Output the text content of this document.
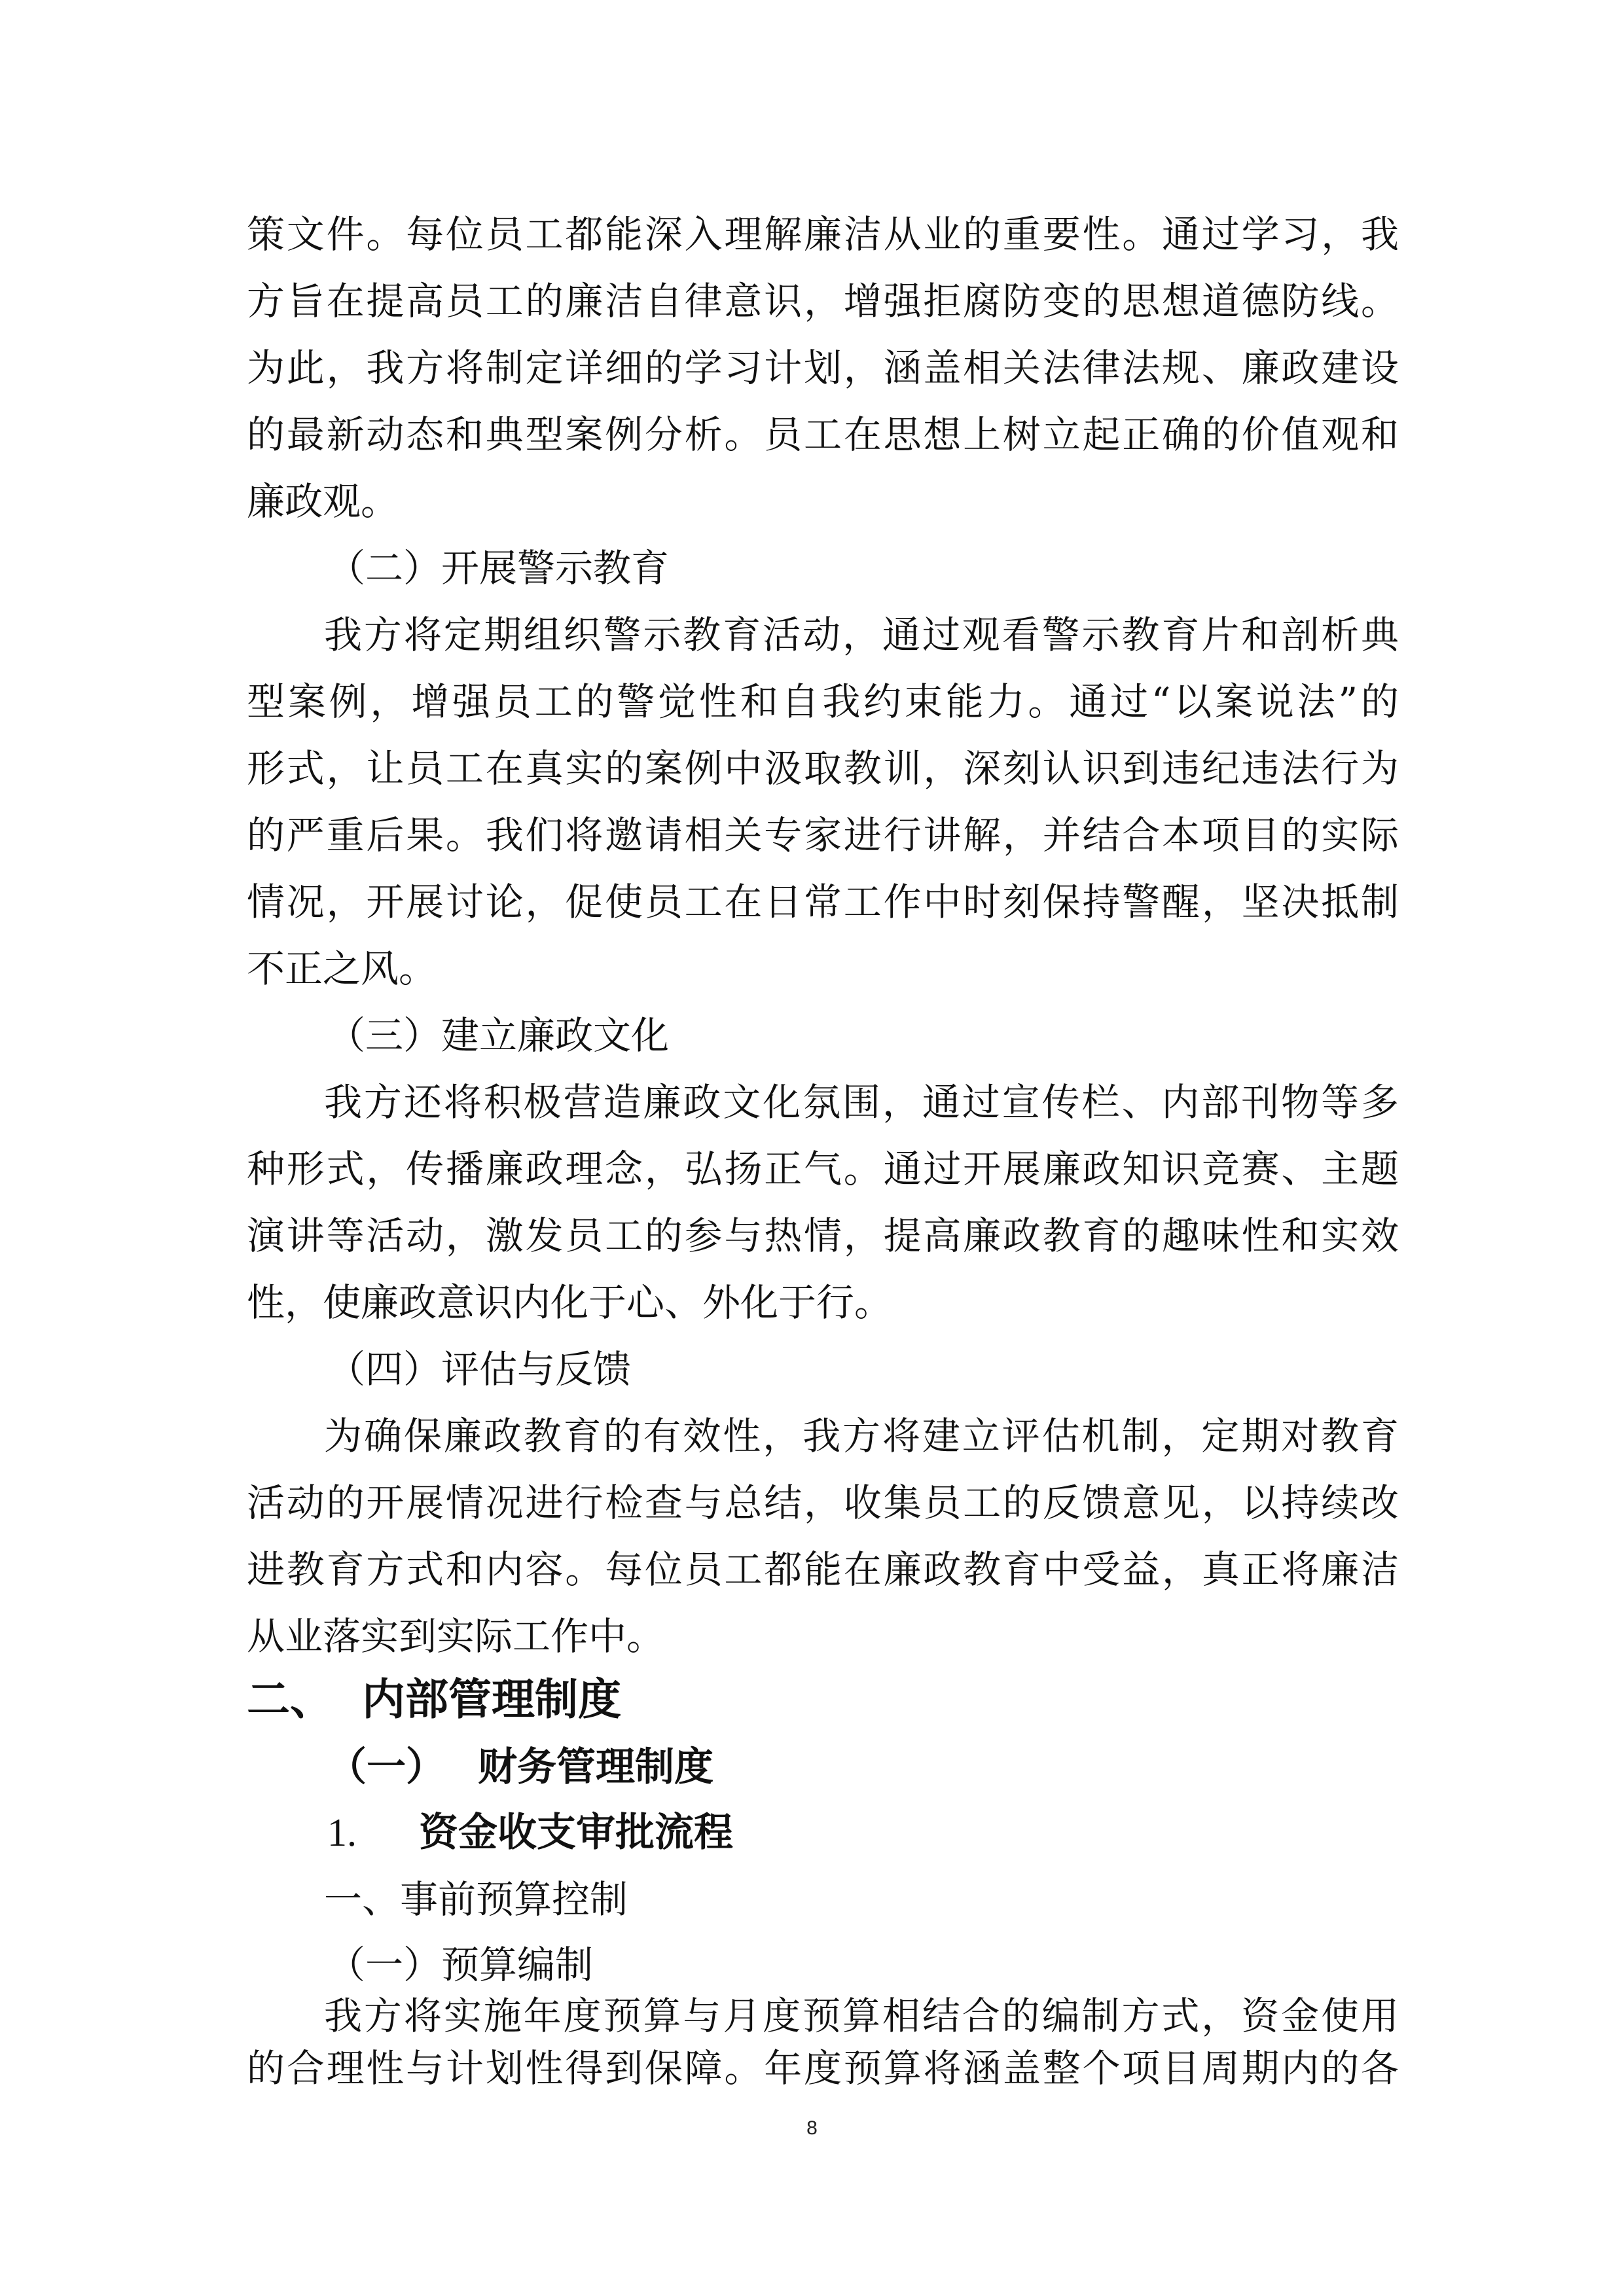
策文件。每位员工都能深入理解廉洁从业的重要性。通过学习，我
方旨在提高员工的廉洁自律意识，增强拒腐防变的思想道德防线。
为此，我方将制定详细的学习计划，涵盖相关法律法规、廉政建设
的最新动态和典型案例分析。员工在思想上树立起正确的价值观和
廉政观。
（二）开展警示教育
我方将定期组织警示教育活动，通过观看警示教育片和剖析典
型案例，增强员工的警觉性和自我约束能力。通过“以案说法”的
形式，让员工在真实的案例中汲取教训，深刻认识到违纪违法行为
的严重后果。我们将邀请相关专家进行讲解，并结合本项目的实际
情况，开展讨论，促使员工在日常工作中时刻保持警醒，坚决抵制
不正之风。
（三）建立廉政文化
我方还将积极营造廉政文化氛围，通过宣传栏、内部刊物等多
种形式，传播廉政理念，弘扬正气。通过开展廉政知识竞赛、主题
演讲等活动，激发员工的参与热情，提高廉政教育的趣味性和实效
性，使廉政意识内化于心、外化于行。
（四）评估与反馈
为确保廉政教育的有效性，我方将建立评估机制，定期对教育
活动的开展情况进行检查与总结，收集员工的反馈意见，以持续改
进教育方式和内容。每位员工都能在廉政教育中受益，真正将廉洁
从业落实到实际工作中。
二、 内部管理制度
（一） 财务管理制度
1. 资金收支审批流程
一、事前预算控制
（一）预算编制
我方将实施年度预算与月度预算相结合的编制方式，资金使用
8
的合理性与计划性得到保障。年度预算将涵盖整个项目周期内的各
